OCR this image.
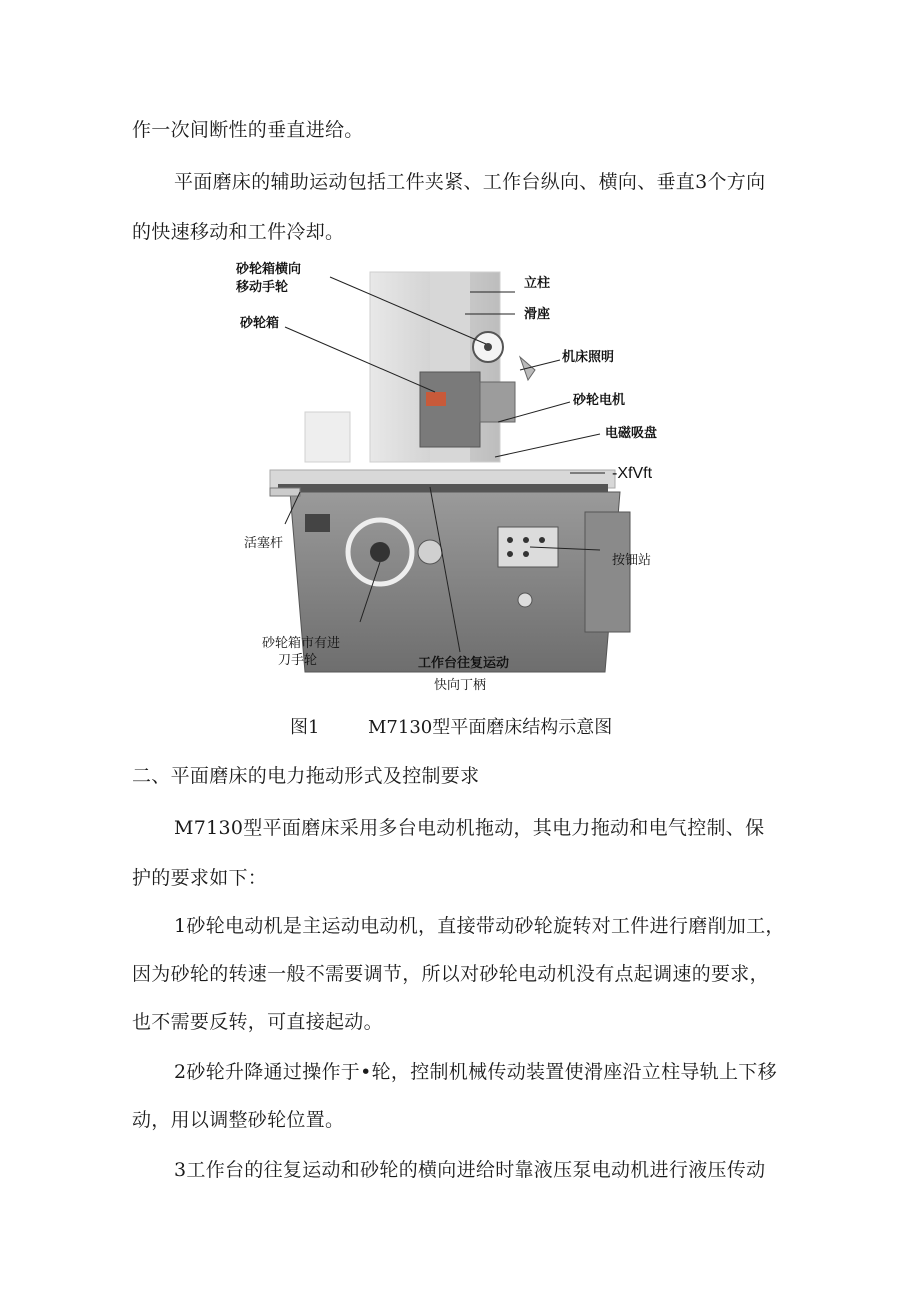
作一次间断性的垂直进给。
平面磨床的辅助运动包括工件夹紧、工作台纵向、横向、垂直3个方向
的快速移动和工件冷却。
砂轮箱横向
移动手轮
砂轮箱
立柱
滑座
机床照明
砂轮电机
电磁吸盘
-XfVft
活塞杆
按钿站
砂轮箱市有进
刀手轮	工作台往复运动
快向丁柄
图1	M7130型平面磨床结构示意图
二、平面磨床的电力拖动形式及控制要求
M7130型平面磨床采用多台电动机拖动，其电力拖动和电气控制、保
护的要求如下：
1砂轮电动机是主运动电动机，直接带动砂轮旋转对工件进行磨削加工，
因为砂轮的转速一般不需要调节，所以对砂轮电动机没有点起调速的要求，
也不需要反转，可直接起动。
2砂轮升降通过操作于•轮，控制机械传动装置使滑座沿立柱导轨上下移
动，用以调整砂轮位置。
3工作台的往复运动和砂轮的横向进给时靠液压泵电动机进行液压传动
